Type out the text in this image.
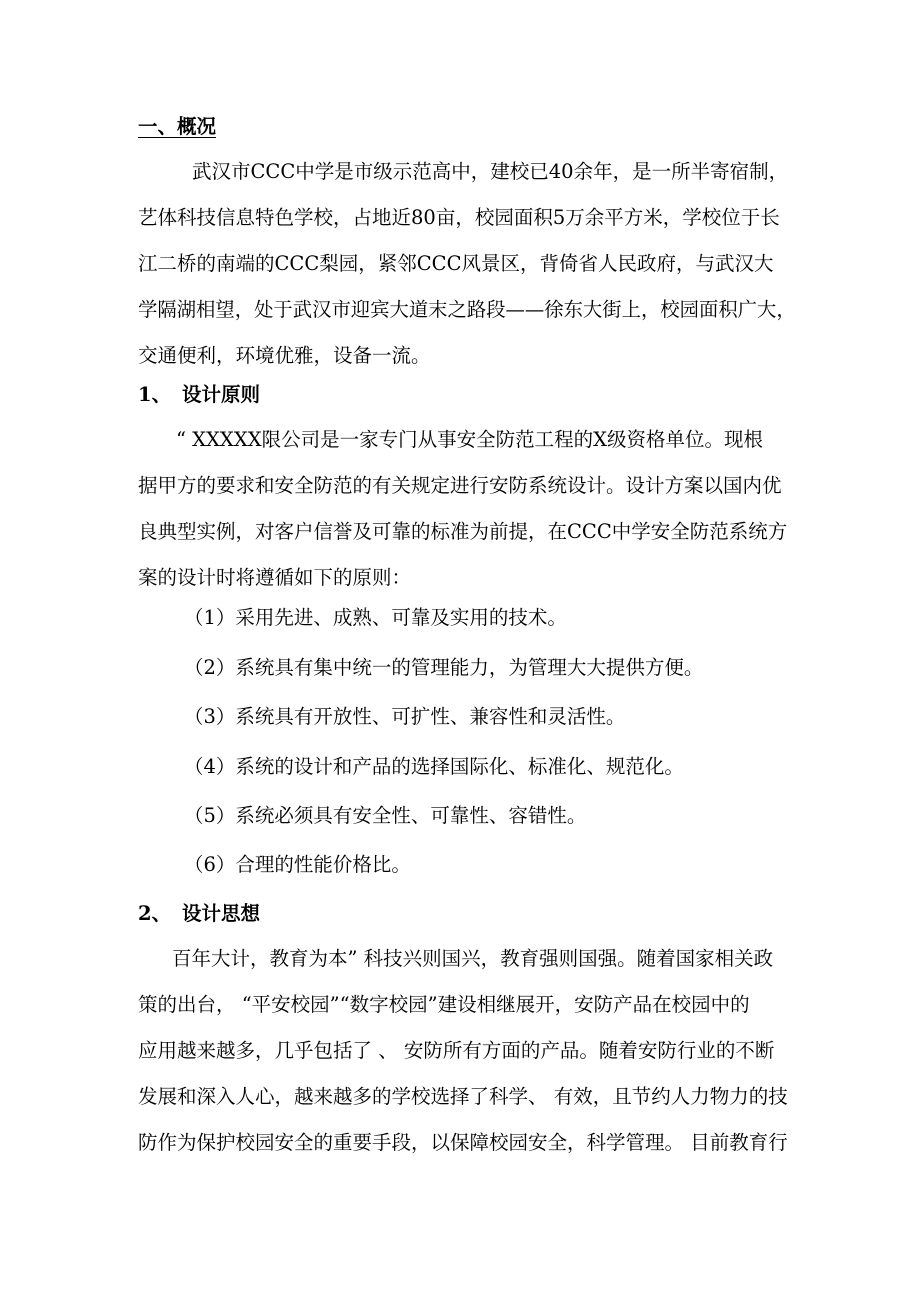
一、概况
武汉市CCC中学是市级示范高中，建校已40余年，是一所半寄宿制，
艺体科技信息特色学校，占地近80亩，校园面积5万余平方米，学校位于长
江二桥的南端的CCC梨园，紧邻CCC风景区，背倚省人民政府，与武汉大
学隔湖相望，处于武汉市迎宾大道末之路段——徐东大街上，校园面积广大，
交通便利，环境优雅，设备一流。
1、 设计原则
“ XXXXX限公司是一家专门从事安全防范工程的X级资格单位。现根
据甲方的要求和安全防范的有关规定进行安防系统设计。设计方案以国内优
良典型实例，对客户信誉及可靠的标准为前提，在CCC中学安全防范系统方
案的设计时将遵循如下的原则：
（1）采用先进、成熟、可靠及实用的技术。
（2）系统具有集中统一的管理能力，为管理大大提供方便。
（3）系统具有开放性、可扩性、兼容性和灵活性。
（4）系统的设计和产品的选择国际化、标准化、规范化。
（5）系统必须具有安全性、可靠性、容错性。
（6）合理的性能价格比。
2、 设计思想
百年大计，教育为本” 科技兴则国兴，教育强则国强。随着国家相关政
策的出台， “平安校园”“数字校园”建设相继展开，安防产品在校园中的
应用越来越多，几乎包括了 、 安防所有方面的产品。随着安防行业的不断
发展和深入人心，越来越多的学校选择了科学、 有效，且节约人力物力的技
防作为保护校园安全的重要手段，以保障校园安全，科学管理。 目前教育行
